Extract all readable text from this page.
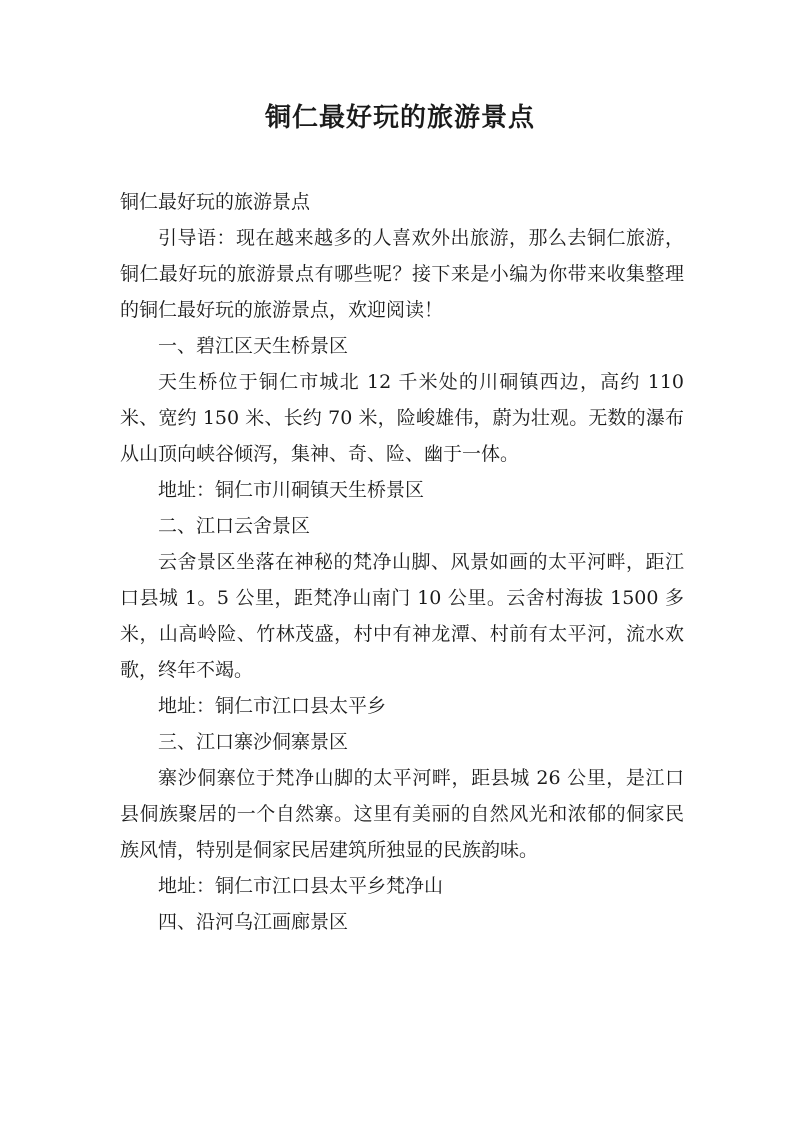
铜仁最好玩的旅游景点

铜仁最好玩的旅游景点

引导语：现在越来越多的人喜欢外出旅游，那么去铜仁旅游，铜仁最好玩的旅游景点有哪些呢？接下来是小编为你带来收集整理的铜仁最好玩的旅游景点，欢迎阅读！

一、碧江区天生桥景区

天生桥位于铜仁市城北 12 千米处的川硐镇西边，高约 110 米、宽约 150 米、长约 70 米，险峻雄伟，蔚为壮观。无数的瀑布从山顶向峡谷倾泻，集神、奇、险、幽于一体。

地址：铜仁市川硐镇天生桥景区

二、江口云舍景区

云舍景区坐落在神秘的梵净山脚、风景如画的太平河畔，距江口县城 1。5 公里，距梵净山南门 10 公里。云舍村海拔 1500 多米，山高岭险、竹林茂盛，村中有神龙潭、村前有太平河，流水欢歌，终年不竭。

地址：铜仁市江口县太平乡

三、江口寨沙侗寨景区

寨沙侗寨位于梵净山脚的太平河畔，距县城 26 公里，是江口县侗族聚居的一个自然寨。这里有美丽的自然风光和浓郁的侗家民族风情，特别是侗家民居建筑所独显的民族韵味。

地址：铜仁市江口县太平乡梵净山

四、沿河乌江画廊景区
